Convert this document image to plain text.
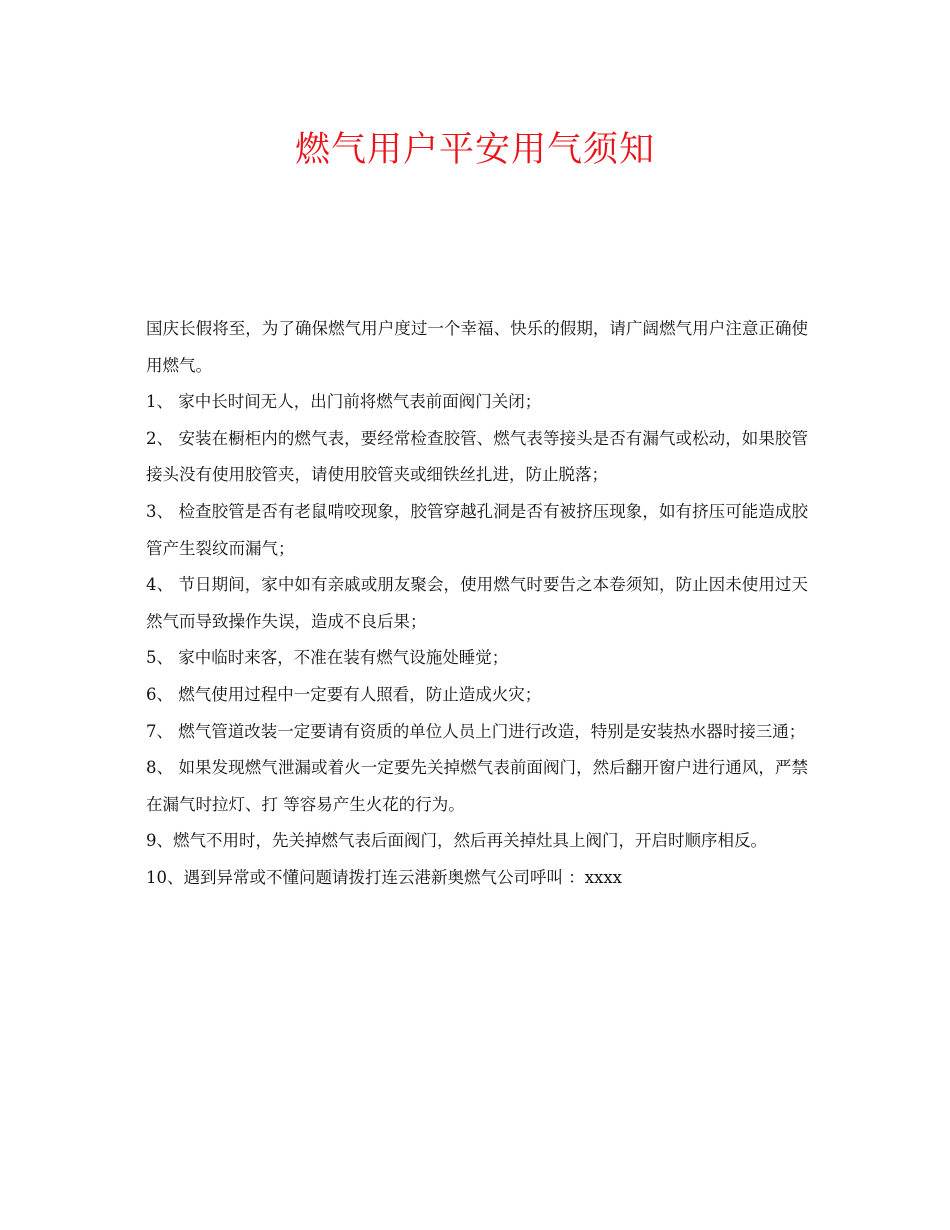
燃气用户平安用气须知

国庆长假将至，为了确保燃气用户度过一个幸福、快乐的假期，请广阔燃气用户注意正确使用燃气。

1、 家中长时间无人，出门前将燃气表前面阀门关闭；

2、 安装在橱柜内的燃气表，要经常检查胶管、燃气表等接头是否有漏气或松动，如果胶管接头没有使用胶管夹，请使用胶管夹或细铁丝扎进，防止脱落；

3、 检查胶管是否有老鼠啃咬现象，胶管穿越孔洞是否有被挤压现象，如有挤压可能造成胶管产生裂纹而漏气；

4、 节日期间，家中如有亲戚或朋友聚会，使用燃气时要告之本卷须知，防止因未使用过天然气而导致操作失误，造成不良后果；

5、 家中临时来客，不准在装有燃气设施处睡觉；

6、 燃气使用过程中一定要有人照看，防止造成火灾；

7、 燃气管道改装一定要请有资质的单位人员上门进行改造，特别是安装热水器时接三通；

8、 如果发现燃气泄漏或着火一定要先关掉燃气表前面阀门，然后翻开窗户进行通风，严禁在漏气时拉灯、打 等容易产生火花的行为。

9、燃气不用时，先关掉燃气表后面阀门，然后再关掉灶具上阀门，开启时顺序相反。

10、遇到异常或不懂问题请拨打连云港新奥燃气公司呼叫 ：xxxx
